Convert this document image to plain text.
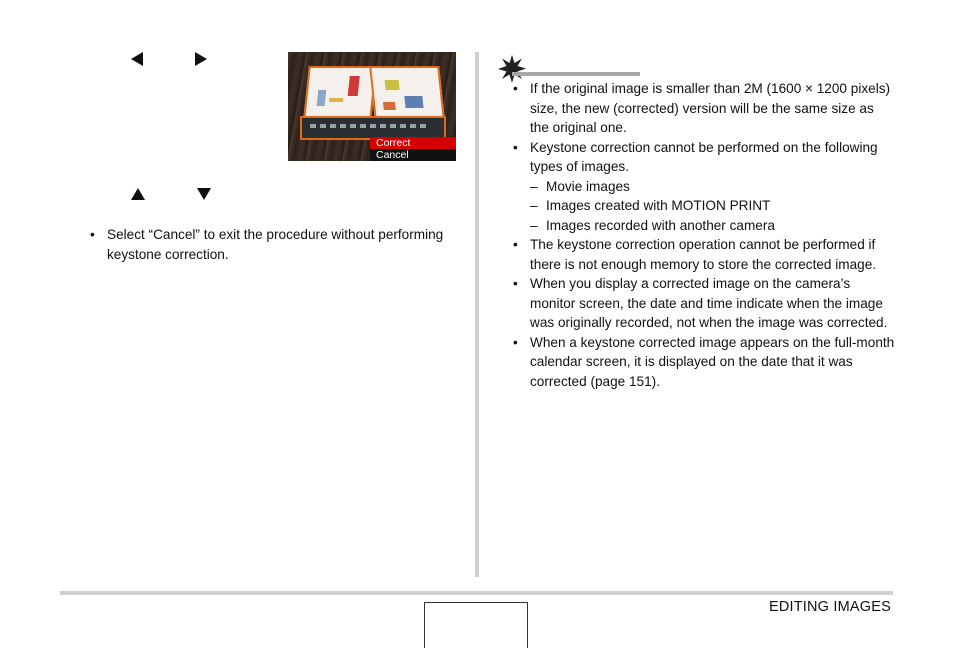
Correct
Cancel
• Select “Cancel” to exit the procedure without performing keystone correction.
• If the original image is smaller than 2M (1600 × 1200 pixels) size, the new (corrected) version will be the same size as the original one.
• Keystone correction cannot be performed on the following types of images.
– Movie images
– Images created with MOTION PRINT
– Images recorded with another camera
• The keystone correction operation cannot be performed if there is not enough memory to store the corrected image.
• When you display a corrected image on the camera’s monitor screen, the date and time indicate when the image was originally recorded, not when the image was corrected.
• When a keystone corrected image appears on the full-month calendar screen, it is displayed on the date that it was corrected (page 151).
EDITING IMAGES
